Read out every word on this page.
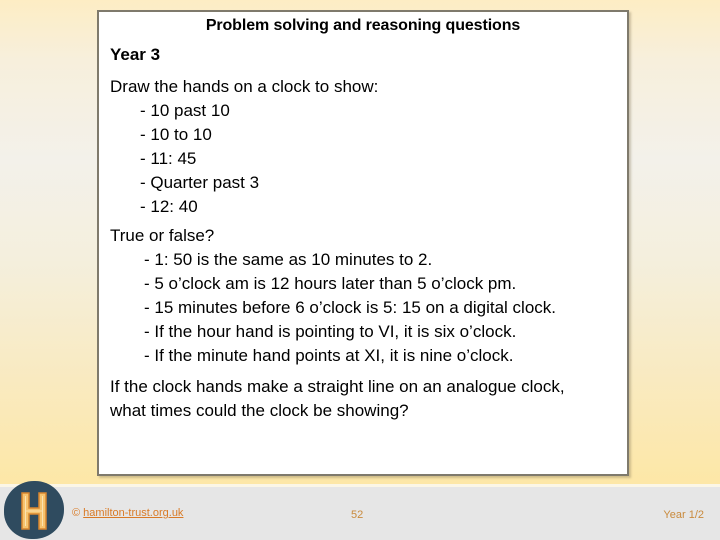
Problem solving and reasoning questions
Year 3
Draw the hands on a clock to show:
- 10 past 10
- 10 to 10
- 11: 45
- Quarter past 3
- 12: 40
True or false?
- 1: 50 is the same as 10 minutes to 2.
- 5 o’clock am is 12 hours later than 5 o’clock pm.
- 15 minutes before 6 o’clock is 5: 15 on a digital clock.
- If the hour hand is pointing to VI, it is six o’clock.
- If the minute hand points at XI, it is nine o’clock.
If the clock hands make a straight line on an analogue clock,
what times could the clock be showing?
© hamilton-trust.org.uk	52	Year 1/2
